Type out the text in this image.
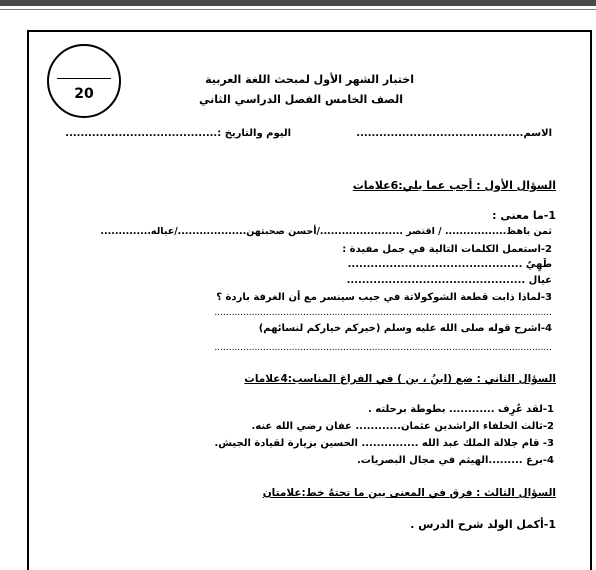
20
اختبار الشهر الأول لمبحث اللغة العربية
الصف الخامس الفصل الدراسي الثاني
الاسم............................................
اليوم والتاريخ :........................................
السؤال الأول : أجب عما يلي:6علامات
1-ما معنى :
ثمن باهظ................. / اقتصر ......................./أحسن صحبتهن.................../عياله..............
2-استعمل الكلمات التالية في جمل مفيدة :
طَهِيٌ ..............................................
عيال ...............................................
3-لماذا ذابت قطعة الشوكولاتة في جيب سينسر مع أن الغرفة باردة ؟
......................................................................................................................
4-اشرح قوله صلى الله عليه وسلم (خيركم خياركم لنسائهم)
......................................................................................................................
السؤال الثاني : ضع (ابنُ ، بن ) في الفراغ المناسب:4علامات
1-لقد عُرِف ............ بطوطة برحلته .
2-ثالث الخلفاء الراشدين عثمان............ عفان رضي الله عنه.
3- قام جلالة الملك عبد الله ............... الحسين بزيارة لقيادة الجيش.
4-برع .........الهيثم في مجال البصريات.
السؤال الثالث : فرق في المعنى بين ما تحتهُ خط:علامتان
1-أكمل الولد شرح الدرس .
